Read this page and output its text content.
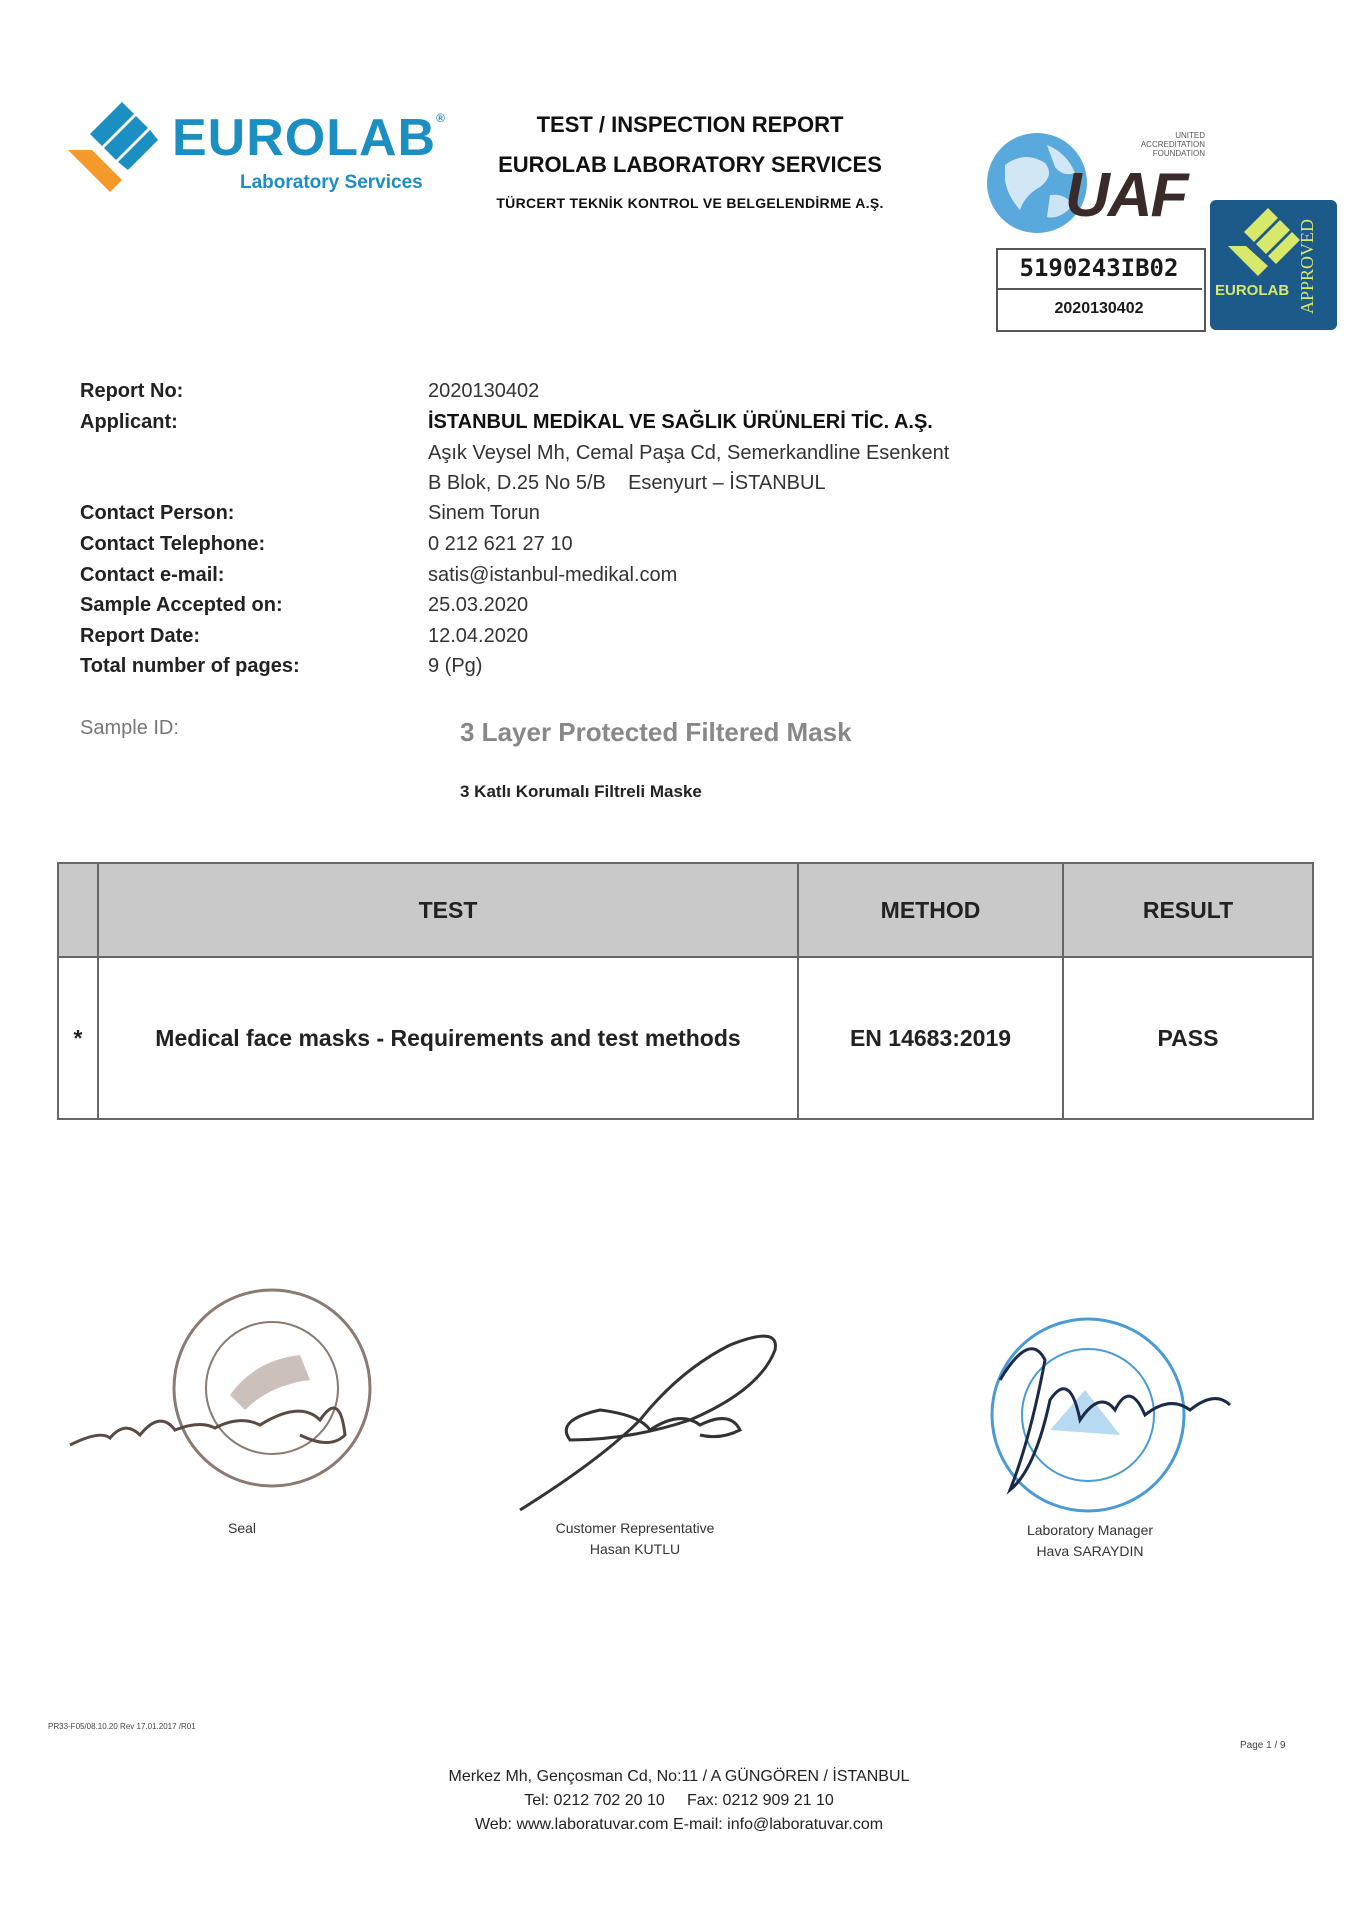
EUROLAB®
Laboratory Services
TEST / INSPECTION REPORT
EUROLAB LABORATORY SERVICES
TÜRCERT TEKNİK KONTROL VE BELGELENDİRME A.Ş.
UNITED ACCREDITATION FOUNDATION
UAF
5190243IB02
2020130402
EUROLAB APPROVED
Report No:	2020130402
Applicant:	İSTANBUL MEDİKAL VE SAĞLIK ÜRÜNLERİ TİC. A.Ş.
Aşık Veysel Mh, Cemal Paşa Cd, Semerkandline Esenkent
B Blok, D.25 No 5/B    Esenyurt – İSTANBUL
Contact Person:	Sinem Torun
Contact Telephone:	0 212 621 27 10
Contact e-mail:	satis@istanbul-medikal.com
Sample Accepted on:	25.03.2020
Report Date:	12.04.2020
Total number of pages:	9 (Pg)
Sample ID:	3 Layer Protected Filtered Mask
3 Katlı Korumalı Filtreli Maske
	TEST	METHOD	RESULT
*	Medical face masks - Requirements and test methods	EN 14683:2019	PASS
Seal	Customer Representative
Hasan KUTLU
Laboratory Manager
Hava SARAYDIN
PR33-F05/08.10.20 Rev 17.01.2017 /R01
Page 1 / 9
Merkez Mh, Gençosman Cd, No:11 / A GÜNGÖREN / İSTANBUL
Tel: 0212 702 20 10     Fax: 0212 909 21 10
Web: www.laboratuvar.com E-mail: info@laboratuvar.com
